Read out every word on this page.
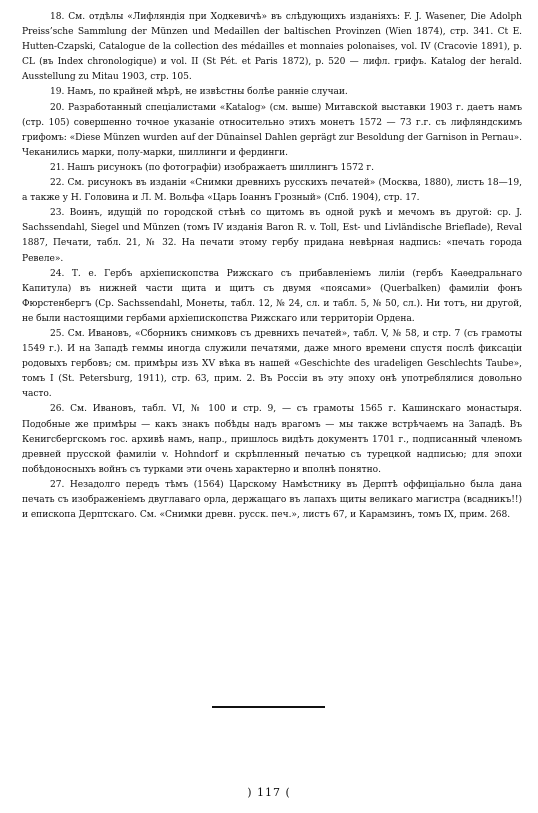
18. См. отдѣлы «Лифляндія при Ходкевичѣ» въ слѣдующихъ изданіяхъ: F. J. Wasener, Die Adolph Preiss’sche Sammlung der Münzen und Medaillen der baltischen Provinzen (Wien 1874), стр. 341. Ct E. Hutten-Czapski, Catalogue de la collection des médailles et monnaies polonaises, vol. IV (Cracovie 1891), p. CL (въ Index chronologique) и vol. II (St Pét. et Paris 1872), p. 520 — лифл. грифъ. Katalog der herald. Ausstellung zu Mitau 1903, стр. 105.

19. Намъ, по крайней мѣрѣ, не извѣстны болѣе ранніе случаи.

20. Разработанный спеціалистами «Katalog» (см. выше) Митавской выставки 1903 г. даетъ намъ (стр. 105) совершенно точное указаніе относительно этихъ монетъ 1572 — 73 г.г. съ лифляндскимъ грифомъ: «Diese Münzen wurden auf der Dünainsel Dahlen geprägt zur Besoldung der Garnison in Pernau». Чеканились марки, полу-марки, шиллинги и фердинги.

21. Нашъ рисунокъ (по фотографіи) изображаетъ шиллингъ 1572 г.

22. См. рисунокъ въ изданіи «Снимки древнихъ русскихъ печатей» (Москва, 1880), листъ 18—19, а также у Н. Головина и Л. М. Вольфа «Царь Іоаннъ Грозный» (Спб. 1904), стр. 17.

23. Воинъ, идущій по городской стѣнѣ со щитомъ въ одной рукѣ и мечомъ въ другой: ср. J. Sachssendahl, Siegel und Münzen (томъ IV изданія Baron R. v. Toll, Est- und Livländische Brieflade), Reval 1887, Печати, табл. 21, № 32. На печати этому гербу придана невѣрная надпись: «печать города Ревеле».

24. Т. е. Гербъ архіепископства Рижскаго съ прибавленіемъ лиліи (гербъ Каѳедральнаго Капитула) въ нижней части щита и щитъ съ двумя «поясами» (Querbalken) фамиліи фонъ Фюрстенбергъ (Ср. Sachssendahl, Монеты, табл. 12, № 24, сл. и табл. 5, № 50, сл.). Ни тотъ, ни другой, не были настоящими гербами архіепископства Рижскаго или территоріи Ордена.

25. См. Ивановъ, «Сборникъ снимковъ съ древнихъ печатей», табл. V, № 58, и стр. 7 (съ грамоты 1549 г.). И на Западѣ геммы иногда служили печатями, даже много времени спустя послѣ фиксаціи родовыхъ гербовъ; см. примѣры изъ XV вѣка въ нашей «Geschichte des uradeligen Geschlechts Taube», томъ I (St. Petersburg, 1911), стр. 63, прим. 2. Въ Россіи въ эту эпоху онѣ употреблялися довольно часто.

26. См. Ивановъ, табл. VI, № 100 и стр. 9, — съ грамоты 1565 г. Кашинскаго монастыря. Подобные же примѣры — какъ знакъ побѣды надъ врагомъ — мы также встрѣчаемъ на Западѣ. Въ Кенигсбергскомъ гос. архивѣ намъ, напр., пришлось видѣть документъ 1701 г., подписанный членомъ древней прусской фамиліи v. Hohndorf и скрѣпленный печатью съ турецкой надписью; для эпохи побѣдоносныхъ войнъ съ турками эти очень характерно и вполнѣ понятно.

27. Незадолго передъ тѣмъ (1564) Царскому Намѣстнику въ Дерптѣ оффиціально была дана печать съ изображеніемъ двуглаваго орла, держащаго въ лапахъ щиты великаго магистра (всадникъ!!) и епископа Дерптскаго. См. «Снимки древн. русск. печ.», листъ 67, и Карамзинъ, томъ IX, прим. 268.

) 117 (
